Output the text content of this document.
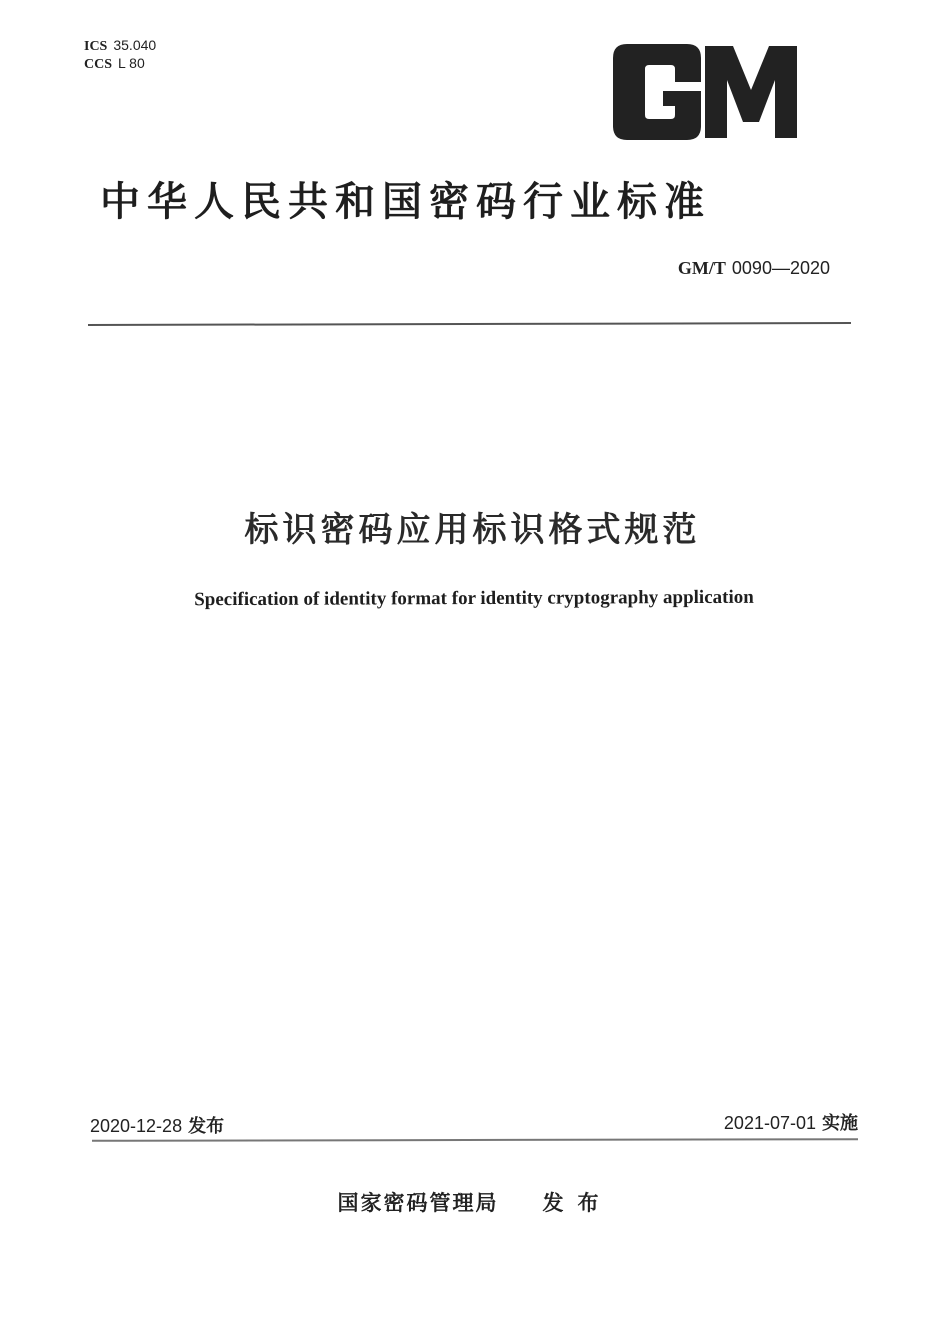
ICS 35.040
CCS L 80
中华人民共和国密码行业标准
GM/T 0090—2020
标识密码应用标识格式规范
Specification of identity format for identity cryptography application
2020-12-28 发布	2021-07-01 实施
国家密码管理局 发布
